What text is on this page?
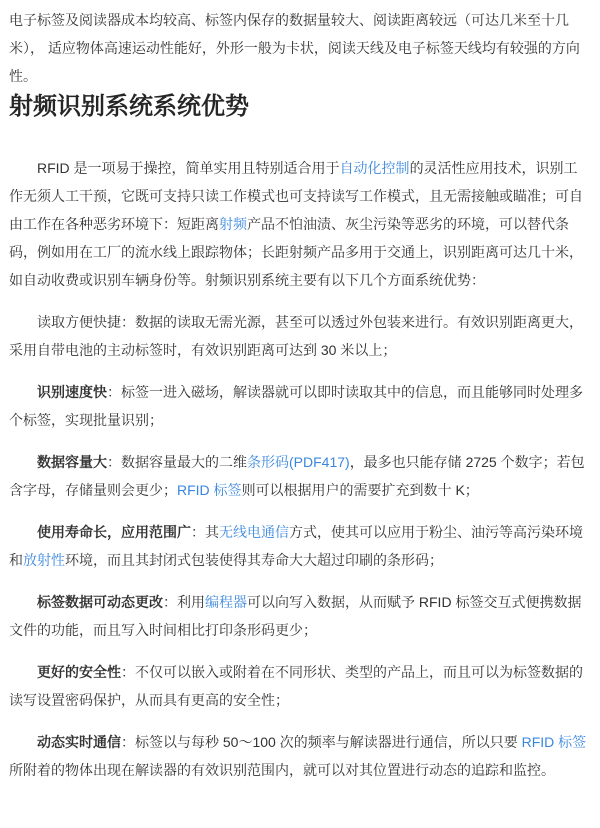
电子标签及阅读器成本均较高、标签内保存的数据量较大、阅读距离较远（可达几米至十几米）， 适应物体高速运动性能好，外形一般为卡状，阅读天线及电子标签天线均有较强的方向性。

射频识别系统系统优势

RFID 是一项易于操控，简单实用且特别适合用于自动化控制的灵活性应用技术，识别工作无须人工干预，它既可支持只读工作模式也可支持读写工作模式，且无需接触或瞄准；可自由工作在各种恶劣环境下：短距离射频产品不怕油渍、灰尘污染等恶劣的环境，可以替代条码，例如用在工厂的流水线上跟踪物体；长距射频产品多用于交通上，识别距离可达几十米，如自动收费或识别车辆身份等。射频识别系统主要有以下几个方面系统优势：

读取方便快捷：数据的读取无需光源，甚至可以透过外包装来进行。有效识别距离更大，采用自带电池的主动标签时，有效识别距离可达到 30 米以上；

识别速度快：标签一进入磁场，解读器就可以即时读取其中的信息，而且能够同时处理多个标签，实现批量识别；

数据容量大：数据容量最大的二维条形码(PDF417)，最多也只能存储 2725 个数字；若包含字母，存储量则会更少；RFID 标签则可以根据用户的需要扩充到数十 K；

使用寿命长，应用范围广：其无线电通信方式，使其可以应用于粉尘、油污等高污染环境和放射性环境，而且其封闭式包装使得其寿命大大超过印刷的条形码；

标签数据可动态更改：利用编程器可以向写入数据，从而赋予 RFID 标签交互式便携数据文件的功能，而且写入时间相比打印条形码更少；

更好的安全性：不仅可以嵌入或附着在不同形状、类型的产品上，而且可以为标签数据的读写设置密码保护，从而具有更高的安全性；

动态实时通信：标签以与每秒 50～100 次的频率与解读器进行通信，所以只要 RFID 标签所附着的物体出现在解读器的有效识别范围内，就可以对其位置进行动态的追踪和监控。
